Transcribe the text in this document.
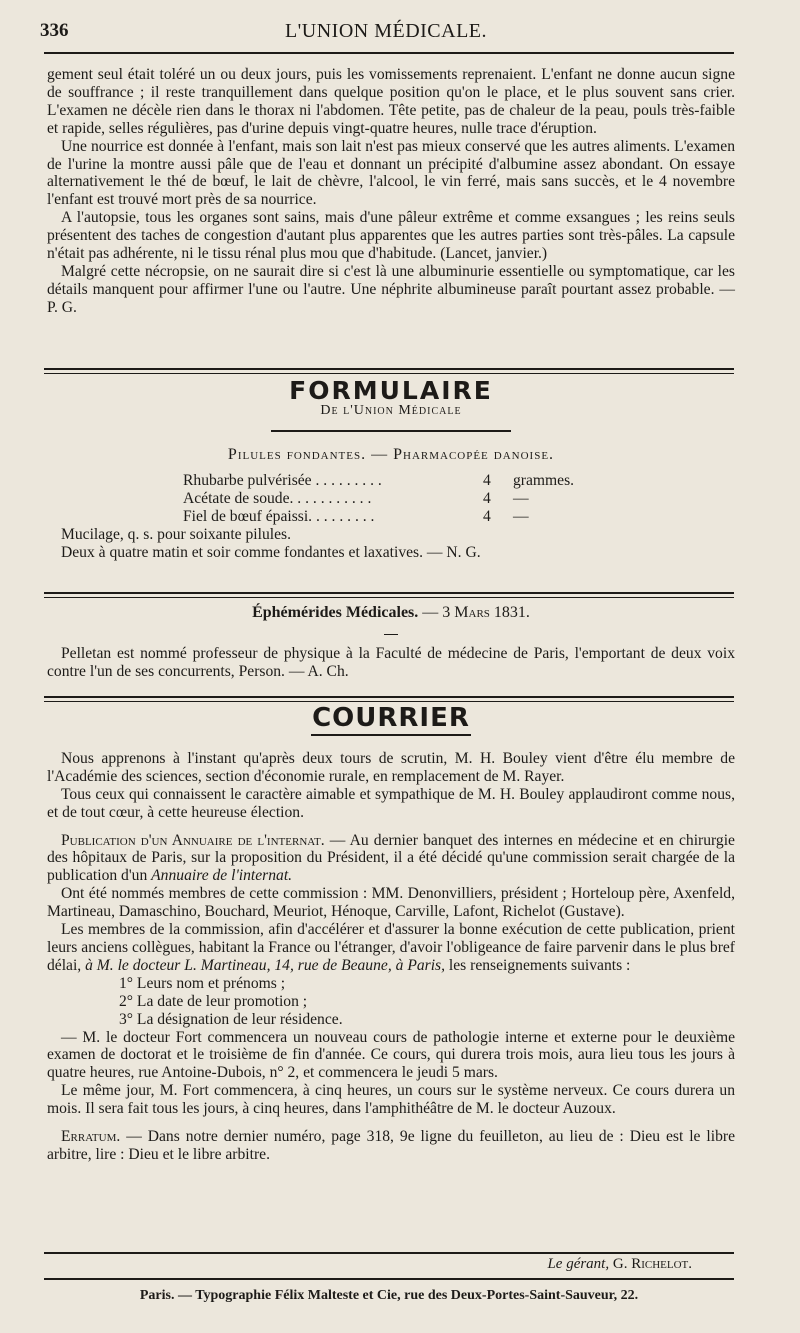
336	L'UNION MÉDICALE.

gement seul était toléré un ou deux jours, puis les vomissements reprenaient. L'enfant ne donne aucun signe de souffrance ; il reste tranquillement dans quelque position qu'on le place, et le plus souvent sans crier. L'examen ne décèle rien dans le thorax ni l'abdomen. Tête petite, pas de chaleur de la peau, pouls très-faible et rapide, selles régulières, pas d'urine depuis vingt-quatre heures, nulle trace d'éruption.

Une nourrice est donnée à l'enfant, mais son lait n'est pas mieux conservé que les autres aliments. L'examen de l'urine la montre aussi pâle que de l'eau et donnant un précipité d'albumine assez abondant. On essaye alternativement le thé de bœuf, le lait de chèvre, l'alcool, le vin ferré, mais sans succès, et le 4 novembre l'enfant est trouvé mort près de sa nourrice.

A l'autopsie, tous les organes sont sains, mais d'une pâleur extrême et comme exsangues ; les reins seuls présentent des taches de congestion d'autant plus apparentes que les autres parties sont très-pâles. La capsule n'était pas adhérente, ni le tissu rénal plus mou que d'habitude. (Lancet, janvier.)

Malgré cette nécropsie, on ne saurait dire si c'est là une albuminurie essentielle ou symptomatique, car les détails manquent pour affirmer l'une ou l'autre. Une néphrite albumineuse paraît pourtant assez probable. — P. G.

FORMULAIRE
De l'Union Médicale
Pilules fondantes. — Pharmacopée danoise.
Rhubarbe pulvérisée . . . . . . . . .	4	grammes.
Acétate de soude. . . . . . . . . . .	4	—
Fiel de bœuf épaissi. . . . . . . . .	4	—

Mucilage, q. s. pour soixante pilules.

Deux à quatre matin et soir comme fondantes et laxatives. — N. G.

Éphémérides Médicales. — 3 Mars 1831.

Pelletan est nommé professeur de physique à la Faculté de médecine de Paris, l'emportant de deux voix contre l'un de ses concurrents, Person. — A. Ch.

COURRIER

Nous apprenons à l'instant qu'après deux tours de scrutin, M. H. Bouley vient d'être élu membre de l'Académie des sciences, section d'économie rurale, en remplacement de M. Rayer.

Tous ceux qui connaissent le caractère aimable et sympathique de M. H. Bouley applaudiront comme nous, et de tout cœur, à cette heureuse élection.

Publication d'un Annuaire de l'internat. — Au dernier banquet des internes en médecine et en chirurgie des hôpitaux de Paris, sur la proposition du Président, il a été décidé qu'une commission serait chargée de la publication d'un Annuaire de l'internat.

Ont été nommés membres de cette commission : MM. Denonvilliers, président ; Horteloup père, Axenfeld, Martineau, Damaschino, Bouchard, Meuriot, Hénoque, Carville, Lafont, Richelot (Gustave).

Les membres de la commission, afin d'accélérer et d'assurer la bonne exécution de cette publication, prient leurs anciens collègues, habitant la France ou l'étranger, d'avoir l'obligeance de faire parvenir dans le plus bref délai, à M. le docteur L. Martineau, 14, rue de Beaune, à Paris, les renseignements suivants :

1° Leurs nom et prénoms ;
2° La date de leur promotion ;
3° La désignation de leur résidence.

— M. le docteur Fort commencera un nouveau cours de pathologie interne et externe pour le deuxième examen de doctorat et le troisième de fin d'année. Ce cours, qui durera trois mois, aura lieu tous les jours à quatre heures, rue Antoine-Dubois, n° 2, et commencera le jeudi 5 mars.

Le même jour, M. Fort commencera, à cinq heures, un cours sur le système nerveux. Ce cours durera un mois. Il sera fait tous les jours, à cinq heures, dans l'amphithéâtre de M. le docteur Auzoux.

Erratum. — Dans notre dernier numéro, page 318, 9e ligne du feuilleton, au lieu de : Dieu est le libre arbitre, lire : Dieu et le libre arbitre.

Le gérant, G. Richelot.
Paris. — Typographie Félix Malteste et Cie, rue des Deux-Portes-Saint-Sauveur, 22.
